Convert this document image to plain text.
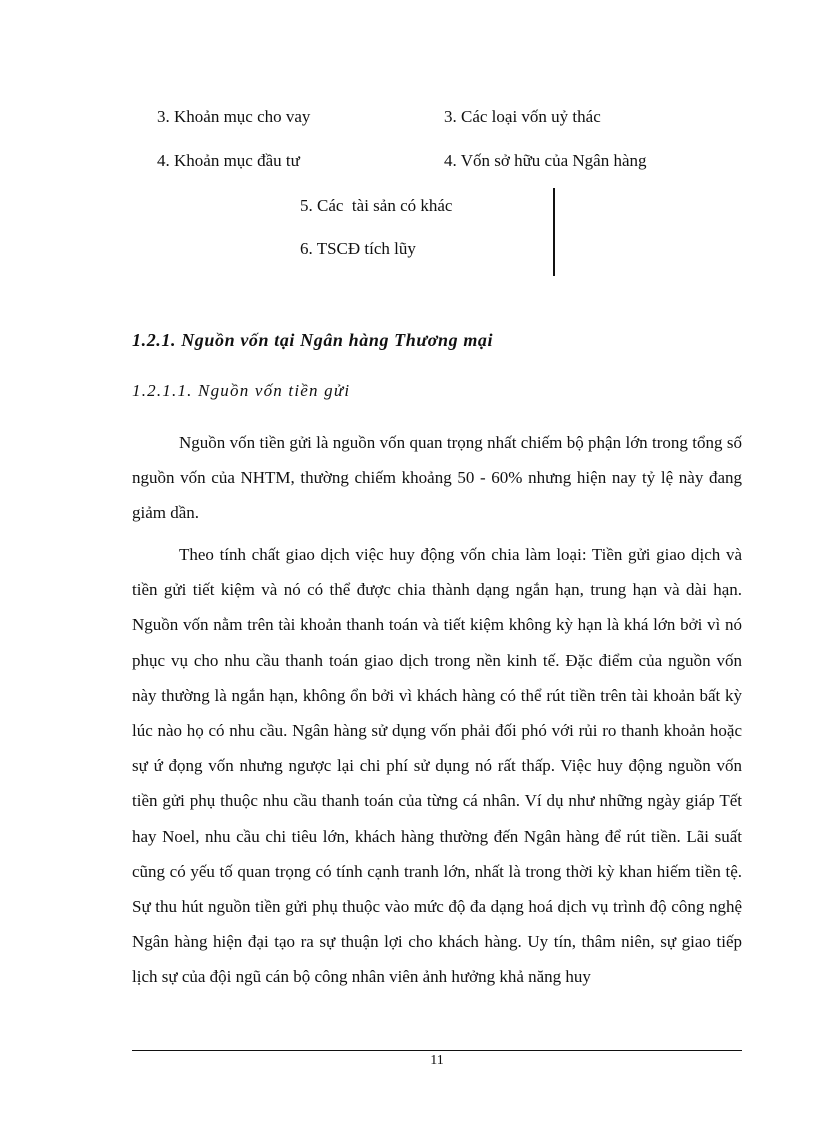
3. Khoản mục cho vay	3. Các loại vốn uỷ thác
4. Khoản mục đầu tư	4. Vốn sở hữu của Ngân hàng
5. Các  tài sản có khác
6. TSCĐ tích lũy
1.2.1. Nguồn vốn tại Ngân hàng Thương mại
1.2.1.1. Nguồn vốn tiền gửi

Nguồn vốn tiền gửi là nguồn vốn quan trọng nhất chiếm bộ phận lớn trong tổng số nguồn vốn của NHTM, thường chiếm khoảng 50 - 60% nhưng hiện nay tỷ lệ này đang giảm dần.

Theo tính chất giao dịch việc huy động vốn chia làm loại: Tiền gửi giao dịch và tiền gửi tiết kiệm và nó có thể được chia thành dạng ngắn hạn, trung hạn và dài hạn. Nguồn vốn nằm trên tài khoản thanh toán và tiết kiệm không kỳ hạn là khá lớn bởi vì nó phục vụ cho nhu cầu thanh toán giao dịch trong nền kinh tế. Đặc điểm của nguồn vốn này thường là ngắn hạn, không ổn bởi vì khách hàng có thể rút tiền trên tài khoản bất kỳ lúc nào họ có nhu cầu. Ngân hàng sử dụng vốn phải đối phó với rủi ro thanh khoản hoặc sự ứ đọng vốn nhưng ngược lại chi phí sử dụng nó rất thấp. Việc huy động nguồn vốn tiền gửi phụ thuộc nhu cầu thanh toán của từng cá nhân. Ví dụ như những ngày giáp Tết hay Noel, nhu cầu chi tiêu lớn, khách hàng thường đến Ngân hàng để rút tiền. Lãi suất cũng có yếu tố quan trọng có tính cạnh tranh lớn, nhất là trong thời kỳ khan hiếm tiền tệ. Sự thu hút nguồn tiền gửi phụ thuộc vào mức độ đa dạng hoá dịch vụ trình độ công nghệ Ngân hàng hiện đại tạo ra sự thuận lợi cho khách hàng. Uy tín, thâm niên, sự giao tiếp lịch sự của đội ngũ cán bộ công nhân viên ảnh hưởng khả năng huy

11
